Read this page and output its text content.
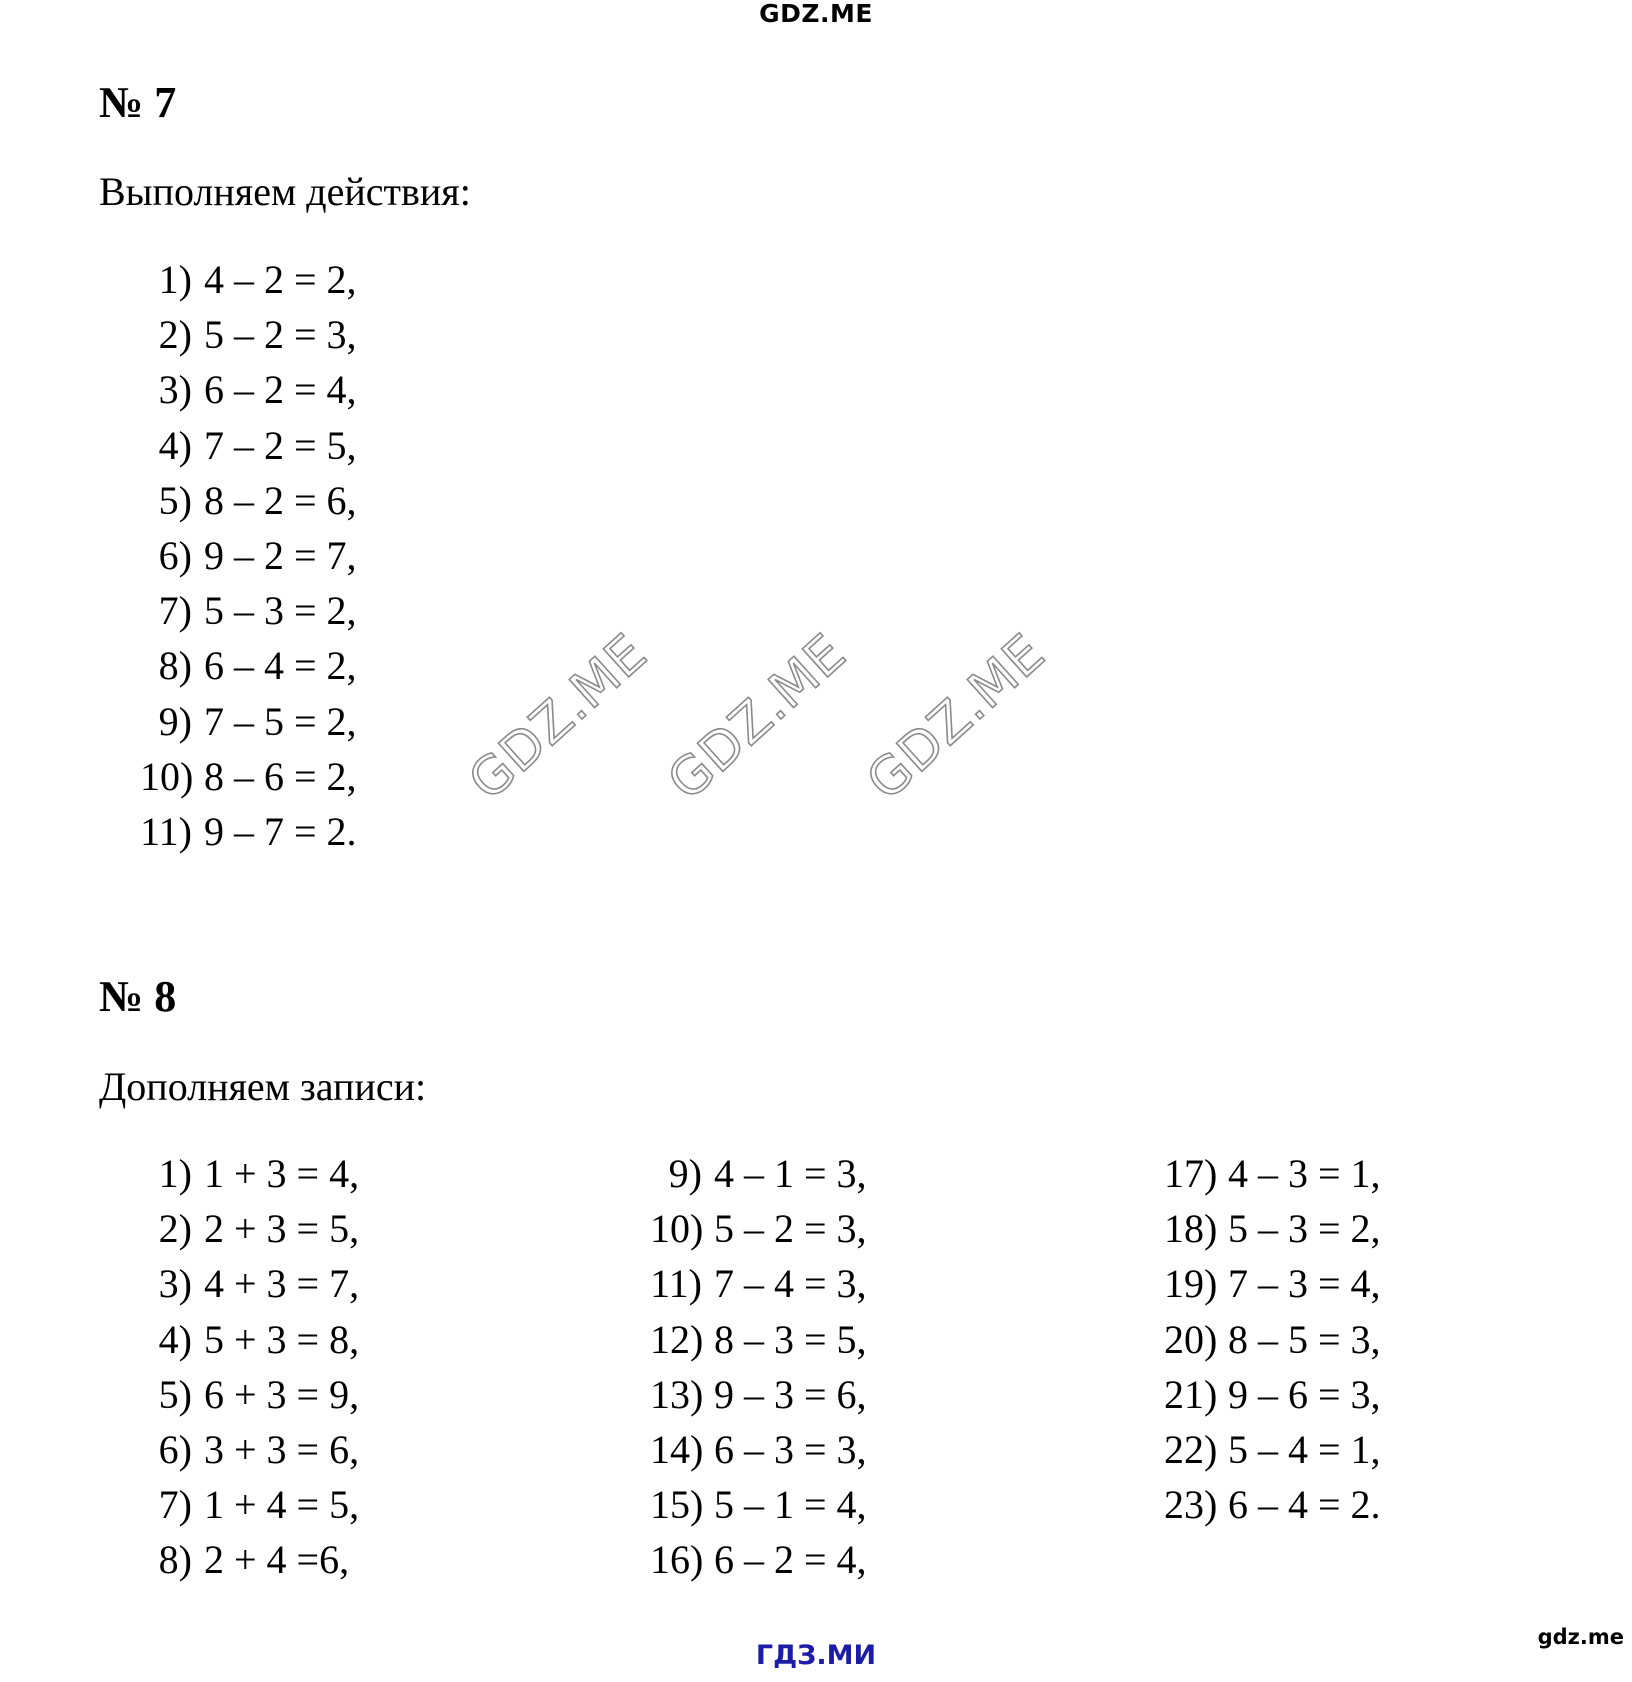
GDZ.ME
№ 7
Выполняем действия:
1) 4 – 2 = 2,
2) 5 – 2 = 3,
3) 6 – 2 = 4,
4) 7 – 2 = 5,
5) 8 – 2 = 6,
6) 9 – 2 = 7,
7) 5 – 3 = 2,
8) 6 – 4 = 2,
9) 7 – 5 = 2,
10) 8 – 6 = 2,
11) 9 – 7 = 2.
GDZ.ME
GDZ.ME
GDZ.ME
№ 8
Дополняем записи:
1) 1 + 3 = 4,
2) 2 + 3 = 5,
3) 4 + 3 = 7,
4) 5 + 3 = 8,
5) 6 + 3 = 9,
6) 3 + 3 = 6,
7) 1 + 4 = 5,
8) 2 + 4 =6,
9) 4 – 1 = 3,
10) 5 – 2 = 3,
11) 7 – 4 = 3,
12) 8 – 3 = 5,
13) 9 – 3 = 6,
14) 6 – 3 = 3,
15) 5 – 1 = 4,
16) 6 – 2 = 4,
17) 4 – 3 = 1,
18) 5 – 3 = 2,
19) 7 – 3 = 4,
20) 8 – 5 = 3,
21) 9 – 6 = 3,
22) 5 – 4 = 1,
23) 6 – 4 = 2.
ГДЗ.МИ
gdz.me
